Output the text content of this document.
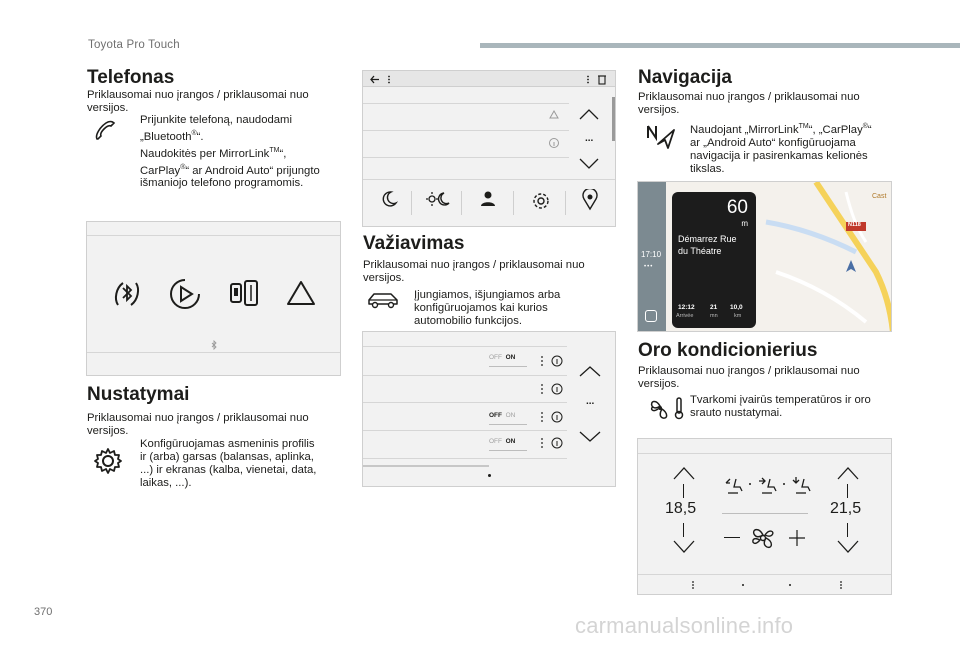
Toyota Pro Touch
Telefonas
Priklausomai nuo įrangos / priklausomai nuo
versijos.
Prijunkite telefoną, naudodami
„Bluetooth®“.
Naudokitės per MirrorLink™“,
CarPlay®“ ar Android Auto“ prijungto
išmaniojo telefono programomis.
Nustatymai
Priklausomai nuo įrangos / priklausomai nuo
versijos.
Konfigūruojamas asmeninis profilis
ir (arba) garsas (balansas, aplinka,
...) ir ekranas (kalba, vienetai, data,
laikas, ...).
...
Važiavimas
Priklausomai nuo įrangos / priklausomai nuo
versijos.
Įjungiamos, išjungiamos arba
konfigūruojamos kai kurios
automobilio funkcijos.
OFF ON
OFF ON
OFF ON
...
Navigacija
Priklausomai nuo įrangos / priklausomai nuo
versijos.
Naudojant „MirrorLink™“, „CarPlay®“
ar „Android Auto“ konfigūruojama
navigacija ir pasirenkamas kelionės
tikslas.
17:10
•••
N118
Cast
60
m
Démarrez Rue
du Théatre
12:12 21 10,0
Arrivée	mn	km
Oro kondicionierius
Priklausomai nuo įrangos / priklausomai nuo
versijos.
Tvarkomi įvairūs temperatūros ir oro
srauto nustatymai.
18,5	21,5
370
carmanualsonline.info
